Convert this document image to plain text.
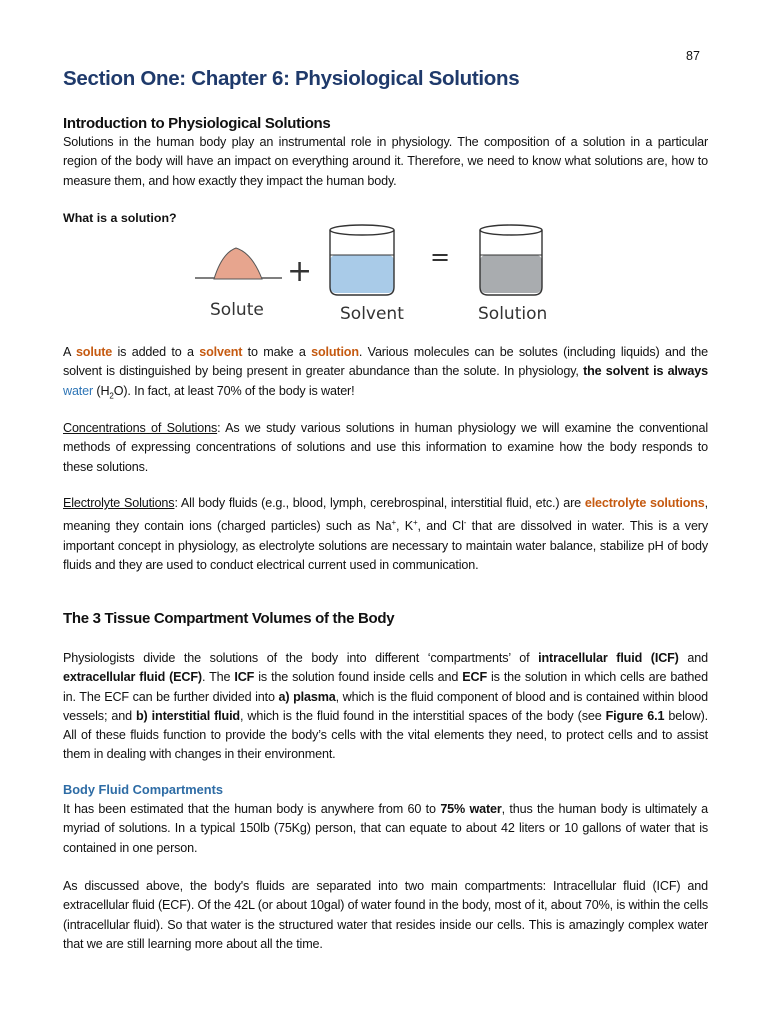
87
Section One: Chapter 6: Physiological Solutions
Introduction to Physiological Solutions

Solutions in the human body play an instrumental role in physiology. The composition of a solution in a particular region of the body will have an impact on everything around it. Therefore, we need to know what solutions are, how to measure them, and how exactly they impact the human body.

What is a solution?
+	=
Solute	Solvent	Solution

A solute is added to a solvent to make a solution. Various molecules can be solutes (including liquids) and the solvent is distinguished by being present in greater abundance than the solute. In physiology, the solvent is always water $(H_2O)$. In fact, at least 70% of the body is water!

Concentrations of Solutions: As we study various solutions in human physiology we will examine the conventional methods of expressing concentrations of solutions and use this information to examine how the body responds to these solutions.

Electrolyte Solutions: All body fluids (e.g., blood, lymph, cerebrospinal, interstitial fluid, etc.) are electrolyte solutions, meaning they contain ions (charged particles) such as Na+, K+, and Cl- that are dissolved in water. This is a very important concept in physiology, as electrolyte solutions are necessary to maintain water balance, stabilize pH of body fluids and they are used to conduct electrical current used in communication.

The 3 Tissue Compartment Volumes of the Body

Physiologists divide the solutions of the body into different ‘compartments’ of intracellular fluid (ICF) and extracellular fluid (ECF). The ICF is the solution found inside cells and ECF is the solution in which cells are bathed in. The ECF can be further divided into a) plasma, which is the fluid component of blood and is contained within blood vessels; and b) interstitial fluid, which is the fluid found in the interstitial spaces of the body (see Figure 6.1 below). All of these fluids function to provide the body’s cells with the vital elements they need, to protect cells and to assist them in dealing with changes in their environment.

Body Fluid Compartments

It has been estimated that the human body is anywhere from 60 to 75% water, thus the human body is ultimately a myriad of solutions. In a typical 150lb (75Kg) person, that can equate to about 42 liters or 10 gallons of water that is contained in one person.

As discussed above, the body's fluids are separated into two main compartments: Intracellular fluid (ICF) and extracellular fluid (ECF). Of the 42L (or about 10gal) of water found in the body, most of it, about 70%, is within the cells (intracellular fluid). So that water is the structured water that resides inside our cells. This is amazingly complex water that we are still learning more about all the time.
